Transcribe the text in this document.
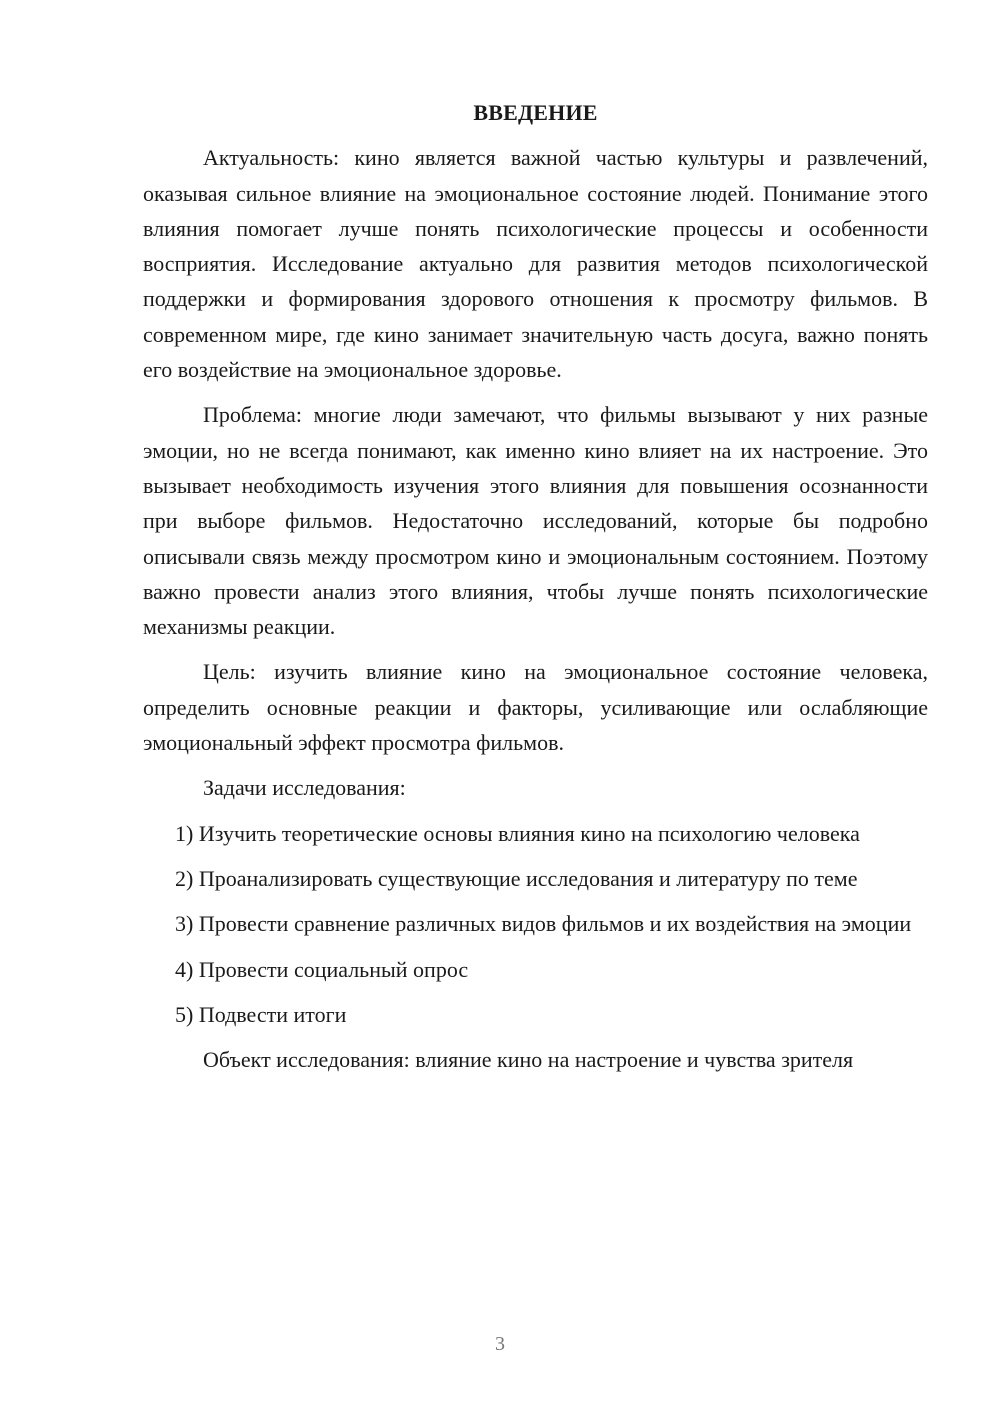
ВВЕДЕНИЕ

Актуальность: кино является важной частью культуры и развлечений, оказывая сильное влияние на эмоциональное состояние людей. Понимание этого влияния помогает лучше понять психологические процессы и особенности восприятия. Исследование актуально для развития методов психологической поддержки и формирования здорового отношения к просмотру фильмов. В современном мире, где кино занимает значительную часть досуга, важно понять его воздействие на эмоциональное здоровье.

Проблема: многие люди замечают, что фильмы вызывают у них разные эмоции, но не всегда понимают, как именно кино влияет на их настроение. Это вызывает необходимость изучения этого влияния для повышения осознанности при выборе фильмов. Недостаточно исследований, которые бы подробно описывали связь между просмотром кино и эмоциональным состоянием. Поэтому важно провести анализ этого влияния, чтобы лучше понять психологические механизмы реакции.

Цель: изучить влияние кино на эмоциональное состояние человека, определить основные реакции и факторы, усиливающие или ослабляющие эмоциональный эффект просмотра фильмов.

Задачи исследования:

1) Изучить теоретические основы влияния кино на психологию человека

2) Проанализировать существующие исследования и литературу по теме

3) Провести сравнение различных видов фильмов и их воздействия на эмоции

4) Провести социальный опрос

5) Подвести итоги

Объект исследования: влияние кино на настроение и чувства зрителя

3
